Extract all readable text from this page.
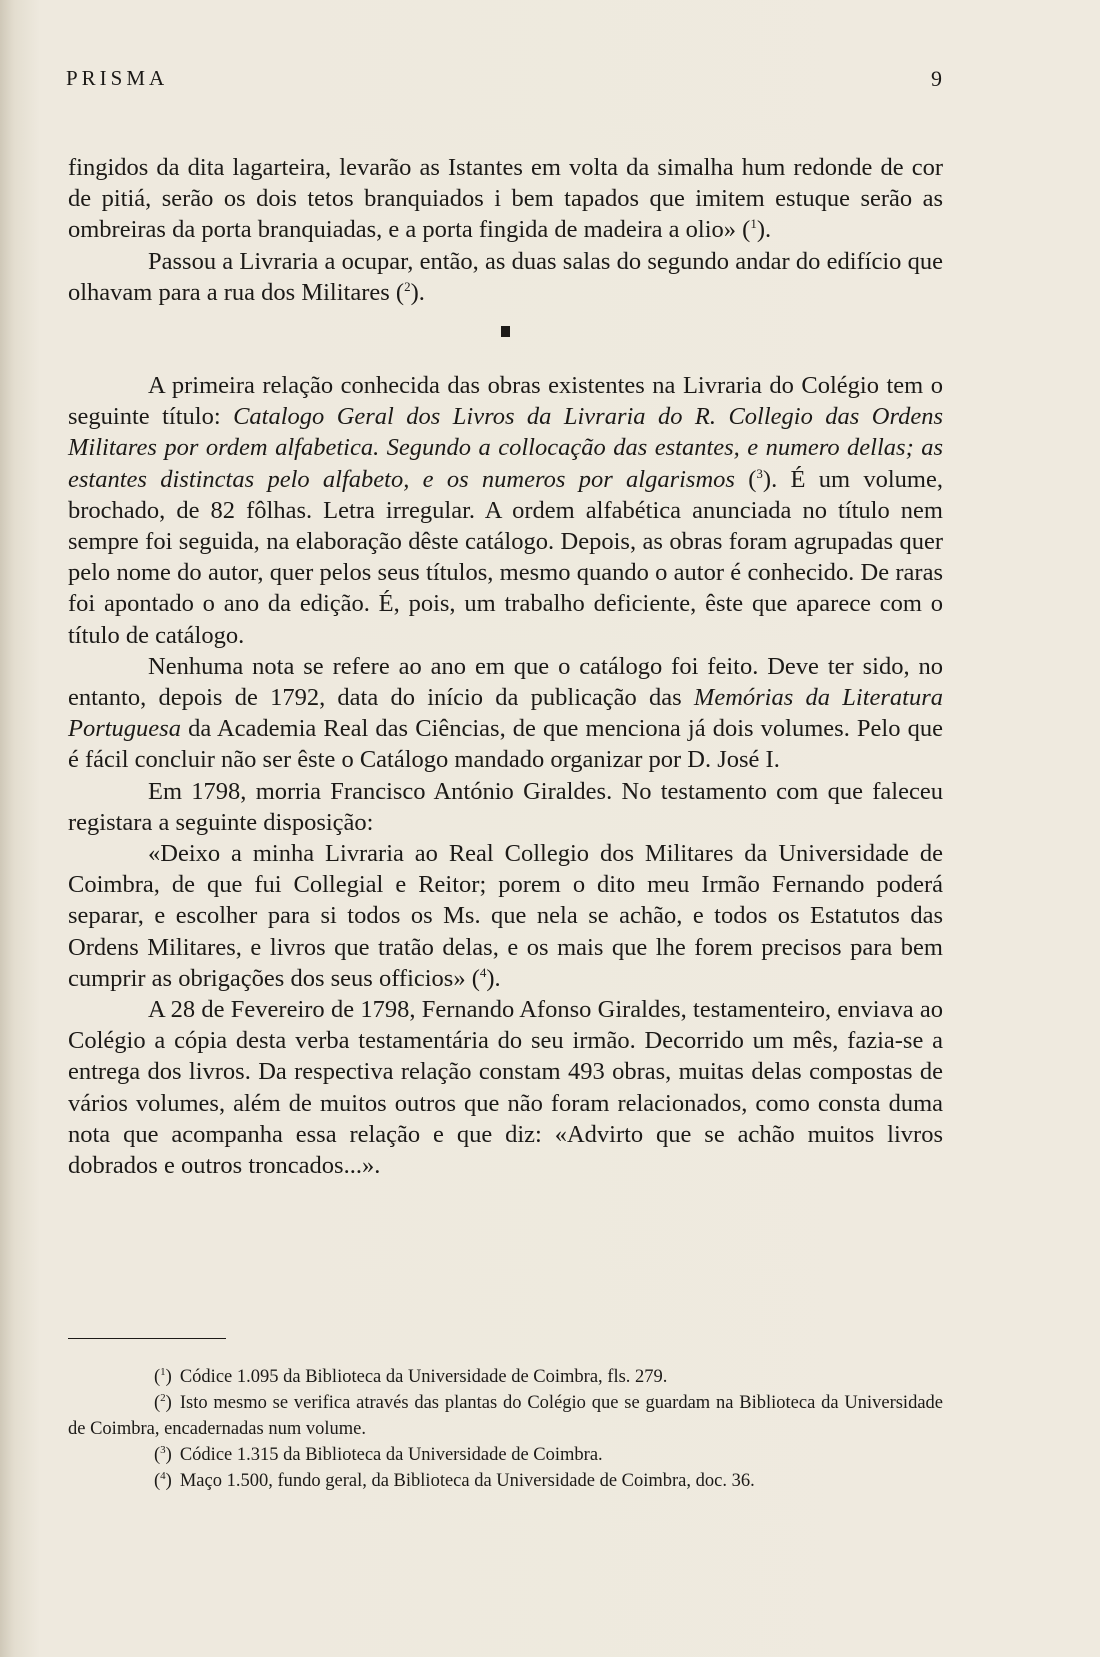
PRISMA	9

fingidos da dita lagarteira, levarão as Istantes em volta da simalha hum redonde de cor de pitiá, serão os dois tetos branquiados i bem tapados que imitem estuque serão as ombreiras da porta branquiadas, e a porta fingida de madeira a olio» ($^1$).

Passou a Livraria a ocupar, então, as duas salas do segundo andar do edifício que olhavam para a rua dos Militares ($^2$).

A primeira relação conhecida das obras existentes na Livraria do Colégio tem o seguinte título: Catalogo Geral dos Livros da Livraria do R. Collegio das Ordens Militares por ordem alfabetica. Segundo a collocação das estantes, e numero dellas; as estantes distinctas pelo alfabeto, e os numeros por algarismos ($^3$). É um volume, brochado, de 82 fôlhas. Letra irregular. A ordem alfabética anunciada no título nem sempre foi seguida, na elaboração dêste catálogo. Depois, as obras foram agrupadas quer pelo nome do autor, quer pelos seus títulos, mesmo quando o autor é conhecido. De raras foi apontado o ano da edição. É, pois, um trabalho deficiente, êste que aparece com o título de catálogo.

Nenhuma nota se refere ao ano em que o catálogo foi feito. Deve ter sido, no entanto, depois de 1792, data do início da publicação das Memórias da Literatura Portuguesa da Academia Real das Ciências, de que menciona já dois volumes. Pelo que é fácil concluir não ser êste o Catálogo mandado organizar por D. José I.

Em 1798, morria Francisco António Giraldes. No testamento com que faleceu registara a seguinte disposição:

«Deixo a minha Livraria ao Real Collegio dos Militares da Universidade de Coimbra, de que fui Collegial e Reitor; porem o dito meu Irmão Fernando poderá separar, e escolher para si todos os Ms. que nela se achão, e todos os Estatutos das Ordens Militares, e livros que tratão delas, e os mais que lhe forem precisos para bem cumprir as obrigações dos seus officios» ($^4$).

A 28 de Fevereiro de 1798, Fernando Afonso Giraldes, testamenteiro, enviava ao Colégio a cópia desta verba testamentária do seu irmão. Decorrido um mês, fazia-se a entrega dos livros. Da respectiva relação constam 493 obras, muitas delas compostas de vários volumes, além de muitos outros que não foram relacionados, como consta duma nota que acompanha essa relação e que diz: «Advirto que se achão muitos livros dobrados e outros troncados...».

($^1$) Códice 1.095 da Biblioteca da Universidade de Coimbra, fls. 279.

($^2$) Isto mesmo se verifica através das plantas do Colégio que se guardam na Biblioteca da Universidade de Coimbra, encadernadas num volume.

($^3$) Códice 1.315 da Biblioteca da Universidade de Coimbra.

($^4$) Maço 1.500, fundo geral, da Biblioteca da Universidade de Coimbra, doc. 36.
